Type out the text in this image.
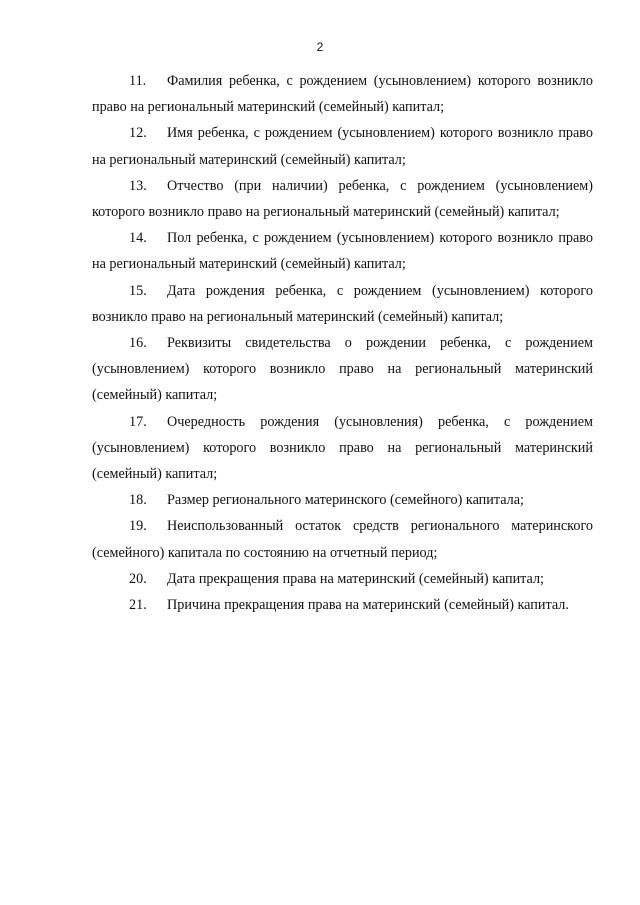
2

11. Фамилия ребенка, с рождением (усыновлением) которого возникло право на региональный материнский (семейный) капитал;

12. Имя ребенка, с рождением (усыновлением) которого возникло право на региональный материнский (семейный) капитал;

13. Отчество (при наличии) ребенка, с рождением (усыновлением) которого возникло право на региональный материнский (семейный) капитал;

14. Пол ребенка, с рождением (усыновлением) которого возникло право на региональный материнский (семейный) капитал;

15. Дата рождения ребенка, с рождением (усыновлением) которого возникло право на региональный материнский (семейный) капитал;

16. Реквизиты свидетельства о рождении ребенка, с рождением (усыновлением) которого возникло право на региональный материнский (семейный) капитал;

17. Очередность рождения (усыновления) ребенка, с рождением (усыновлением) которого возникло право на региональный материнский (семейный) капитал;

18. Размер регионального материнского (семейного) капитала;

19. Неиспользованный остаток средств регионального материнского (семейного) капитала по состоянию на отчетный период;

20. Дата прекращения права на материнский (семейный) капитал;

21. Причина прекращения права на материнский (семейный) капитал.
